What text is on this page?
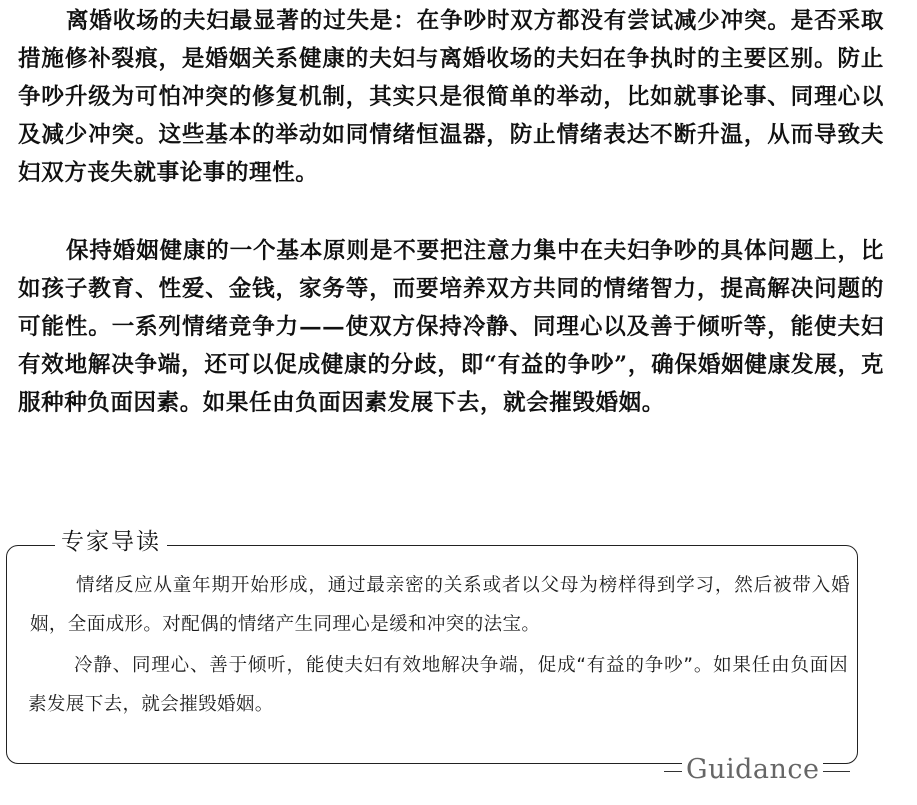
离婚收场的夫妇最显著的过失是：在争吵时双方都没有尝试减少冲突。是否采取措施修补裂痕，是婚姻关系健康的夫妇与离婚收场的夫妇在争执时的主要区别。防止争吵升级为可怕冲突的修复机制，其实只是很简单的举动，比如就事论事、同理心以及减少冲突。这些基本的举动如同情绪恒温器，防止情绪表达不断升温，从而导致夫妇双方丧失就事论事的理性。

保持婚姻健康的一个基本原则是不要把注意力集中在夫妇争吵的具体问题上，比如孩子教育、性爱、金钱，家务等，而要培养双方共同的情绪智力，提高解决问题的可能性。一系列情绪竞争力——使双方保持冷静、同理心以及善于倾听等，能使夫妇有效地解决争端，还可以促成健康的分歧，即“有益的争吵”，确保婚姻健康发展，克服种种负面因素。如果任由负面因素发展下去，就会摧毁婚姻。

专家导读

情绪反应从童年期开始形成，通过最亲密的关系或者以父母为榜样得到学习，然后被带入婚姻，全面成形。对配偶的情绪产生同理心是缓和冲突的法宝。

冷静、同理心、善于倾听，能使夫妇有效地解决争端，促成“有益的争吵”。如果任由负面因素发展下去，就会摧毁婚姻。

Guidance
